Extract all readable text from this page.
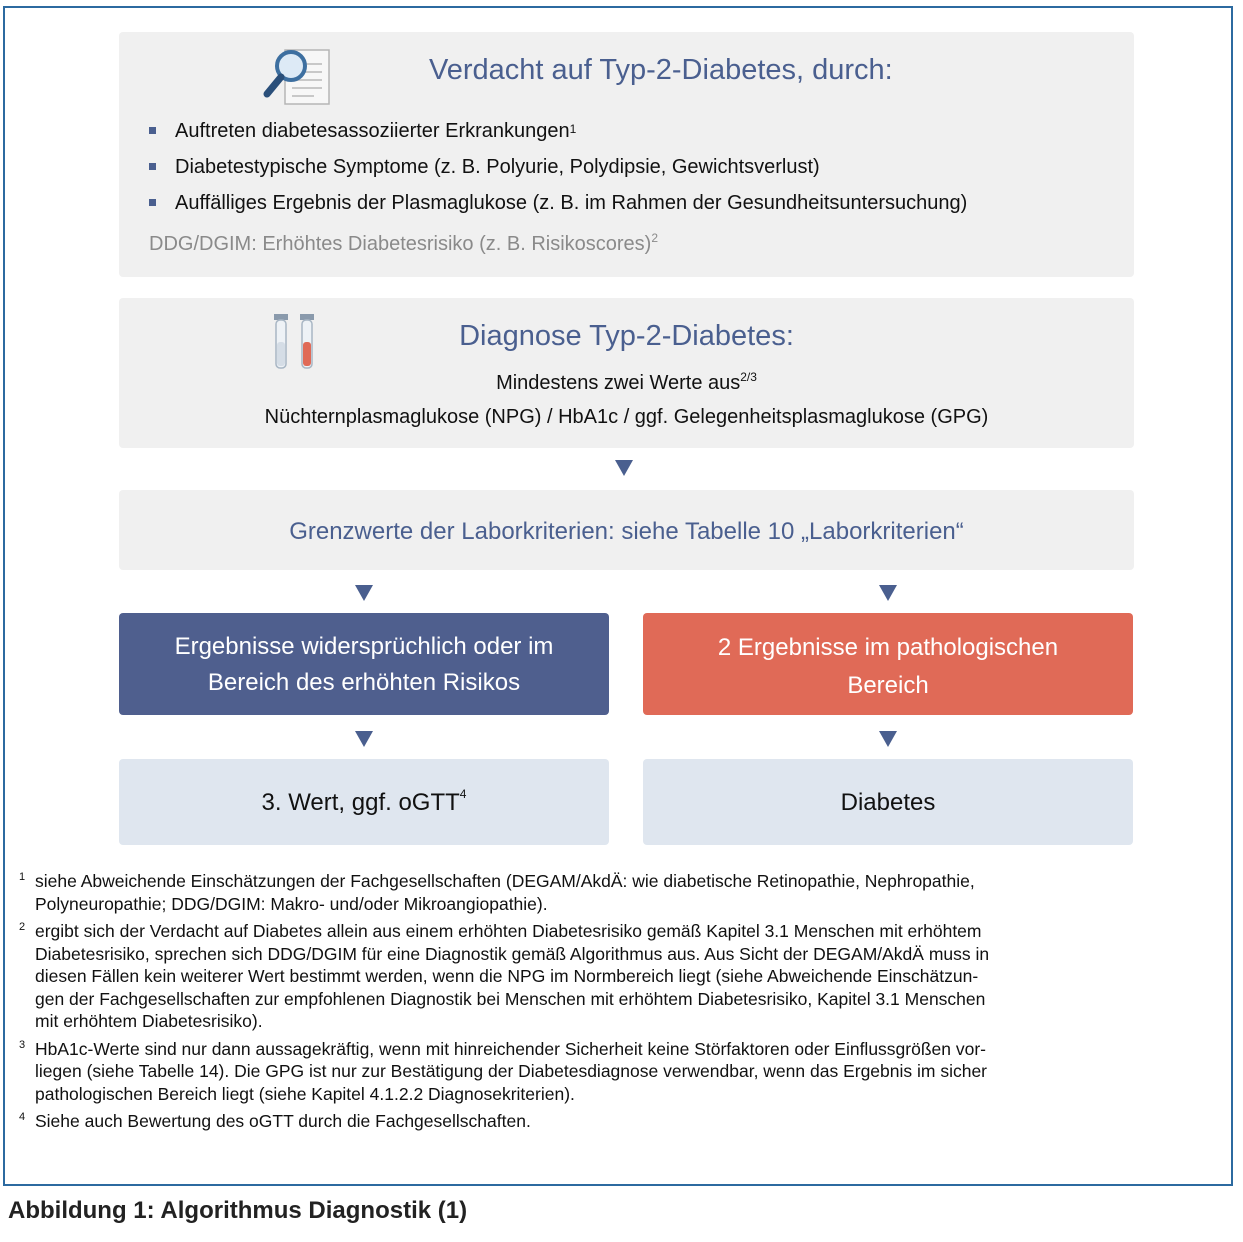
Verdacht auf Typ-2-Diabetes, durch:
Auftreten diabetesassoziierter Erkrankungen$^1$
Diabetestypische Symptome (z. B. Polyurie, Polydipsie, Gewichtsverlust)
Auffälliges Ergebnis der Plasmaglukose (z. B. im Rahmen der Gesundheitsuntersuchung)
DDG/DGIM: Erhöhtes Diabetesrisiko (z. B. Risikoscores)$^2$
Diagnose Typ-2-Diabetes:
Mindestens zwei Werte aus$^{2/3}$
Nüchternplasmaglukose (NPG) / HbA1c / ggf. Gelegenheitsplasmaglukose (GPG)
Grenzwerte der Laborkriterien: siehe Tabelle 10 „Laborkriterien“
Ergebnisse widersprüchlich oder im
Bereich des erhöhten Risikos
2 Ergebnisse im pathologischen
Bereich
3. Wert, ggf. oGTT$^4$	Diabetes
1 siehe Abweichende Einschätzungen der Fachgesellschaften (DEGAM/AkdÄ: wie diabetische Retinopathie, Nephropathie,
Polyneuropathie; DDG/DGIM: Makro- und/oder Mikroangiopathie).
2 ergibt sich der Verdacht auf Diabetes allein aus einem erhöhten Diabetesrisiko gemäß Kapitel 3.1 Menschen mit erhöhtem
Diabetesrisiko, sprechen sich DDG/DGIM für eine Diagnostik gemäß Algorithmus aus. Aus Sicht der DEGAM/AkdÄ muss in
diesen Fällen kein weiterer Wert bestimmt werden, wenn die NPG im Normbereich liegt (siehe Abweichende Einschätzun-
gen der Fachgesellschaften zur empfohlenen Diagnostik bei Menschen mit erhöhtem Diabetesrisiko, Kapitel 3.1 Menschen
mit erhöhtem Diabetesrisiko).
3 HbA1c-Werte sind nur dann aussagekräftig, wenn mit hinreichender Sicherheit keine Störfaktoren oder Einflussgrößen vor-
liegen (siehe Tabelle 14). Die GPG ist nur zur Bestätigung der Diabetesdiagnose verwendbar, wenn das Ergebnis im sicher
pathologischen Bereich liegt (siehe Kapitel 4.1.2.2 Diagnosekriterien).
4 Siehe auch Bewertung des oGTT durch die Fachgesellschaften.
Abbildung 1: Algorithmus Diagnostik (1)
